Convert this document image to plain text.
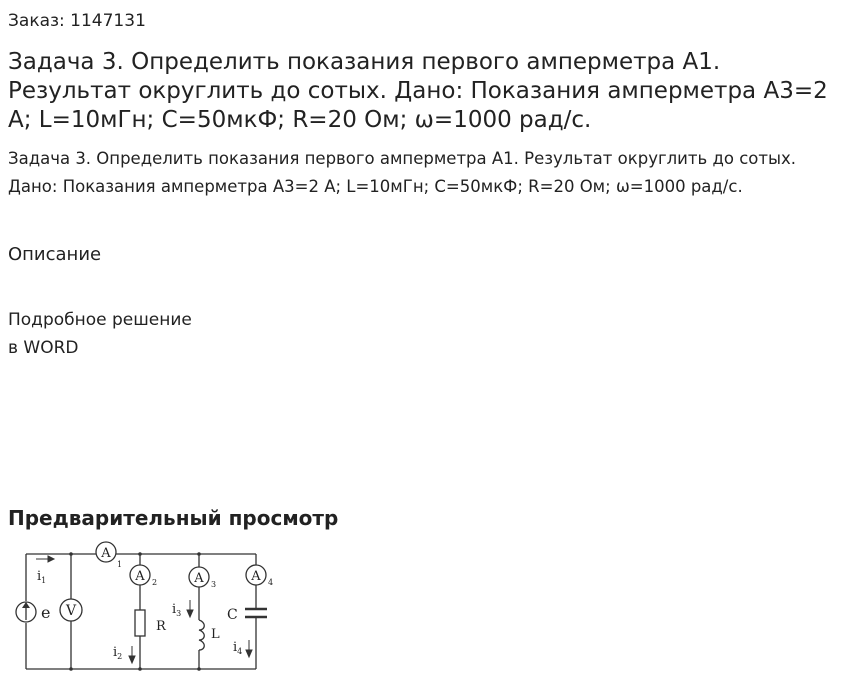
Заказ: 1147131
Задача 3. Определить показания первого амперметра А1. Результат округлить до сотых. Дано: Показания амперметра А3=2 А; L=10мГн; С=50мкФ; R=20 Ом; ω=1000 рад/с.

Задача 3. Определить показания первого амперметра А1. Результат округлить до сотых. Дано: Показания амперметра А3=2 А; L=10мГн; С=50мкФ; R=20 Ом; ω=1000 рад/с.

Описание
Подробное решение
в WORD
Предварительный просмотр
e V
$i_1$
A
1
A 2	A 3
A 4
R
L
C
$i_2$
$i_3$
$i_4$
